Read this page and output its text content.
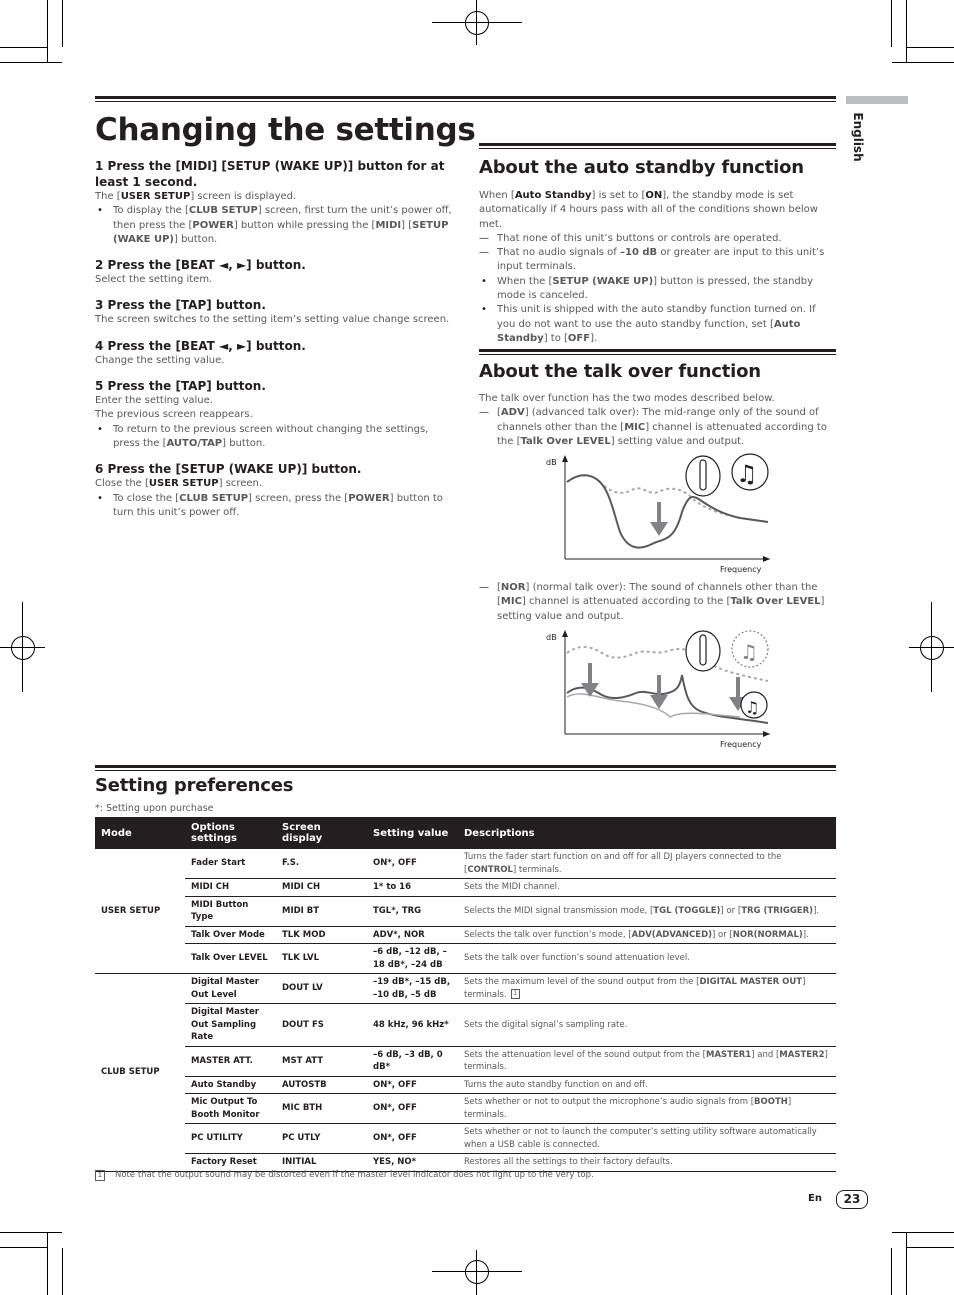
English
Changing the settings

1 Press the [MIDI] [SETUP (WAKE UP)] button for at least 1 second.

The [USER SETUP] screen is displayed.

• To display the [CLUB SETUP] screen, first turn the unit’s power off, then press the [POWER] button while pressing the [MIDI] [SETUP (WAKE UP)] button.

2 Press the [BEAT ◄, ►] button.

Select the setting item.

3 Press the [TAP] button.

The screen switches to the setting item’s setting value change screen.

4 Press the [BEAT ◄, ►] button.

Change the setting value.

5 Press the [TAP] button.

Enter the setting value.

The previous screen reappears.

• To return to the previous screen without changing the settings, press the [AUTO/TAP] button.

6 Press the [SETUP (WAKE UP)] button.

Close the [USER SETUP] screen.

• To close the [CLUB SETUP] screen, press the [POWER] button to turn this unit’s power off.
About the auto standby function

When [Auto Standby] is set to [ON], the standby mode is set automatically if 4 hours pass with all of the conditions shown below met.

— That none of this unit’s buttons or controls are operated.
— That no audio signals of –10 dB or greater are input to this unit’s input terminals.
• When the [SETUP (WAKE UP)] button is pressed, the standby mode is canceled.
• This unit is shipped with the auto standby function turned on. If you do not want to use the auto standby function, set [Auto Standby] to [OFF].
About the talk over function

The talk over function has the two modes described below.

— [ADV] (advanced talk over): The mid-range only of the sound of channels other than the [MIC] channel is attenuated according to the [Talk Over LEVEL] setting value and output.
dB	♫
Frequency
— [NOR] (normal talk over): The sound of channels other than the [MIC] channel is attenuated according to the [Talk Over LEVEL] setting value and output.
dB
♫
♫
Frequency
Setting preferences
*: Setting upon purchase
Mode	Options settings	Screen display	Setting value	Descriptions
USER SETUP	Fader Start	F.S.	ON*, OFF	Turns the fader start function on and off for all DJ players connected to the [CONTROL] terminals.
	MIDI CH	MIDI CH	1* to 16	Sets the MIDI channel.
	MIDI Button Type	MIDI BT	TGL*, TRG	Selects the MIDI signal transmission mode, [TGL (TOGGLE)] or [TRG (TRIGGER)].
	Talk Over Mode	TLK MOD	ADV*, NOR	Selects the talk over function’s mode, [ADV(ADVANCED)] or [NOR(NORMAL)].
	Talk Over LEVEL	TLK LVL	–6 dB, –12 dB, –18 dB*, –24 dB	Sets the talk over function’s sound attenuation level.
CLUB SETUP	Digital Master Out Level	DOUT LV	–19 dB*, –15 dB, –10 dB, –5 dB	Sets the maximum level of the sound output from the [DIGITAL MASTER OUT] terminals. 1
	Digital Master Out Sampling Rate	DOUT FS	48 kHz, 96 kHz*	Sets the digital signal’s sampling rate.
	MASTER ATT.	MST ATT	–6 dB, –3 dB, 0 dB*	Sets the attenuation level of the sound output from the [MASTER1] and [MASTER2] terminals.
	Auto Standby	AUTOSTB	ON*, OFF	Turns the auto standby function on and off.
	Mic Output To Booth Monitor	MIC BTH	ON*, OFF	Sets whether or not to output the microphone’s audio signals from [BOOTH] terminals.
	PC UTILITY	PC UTLY	ON*, OFF	Sets whether or not to launch the computer’s setting utility software automatically when a USB cable is connected.
	Factory Reset	INITIAL	YES, NO*	Restores all the settings to their factory defaults.
1 Note that the output sound may be distorted even if the master level indicator does not light up to the very top.
En	23
